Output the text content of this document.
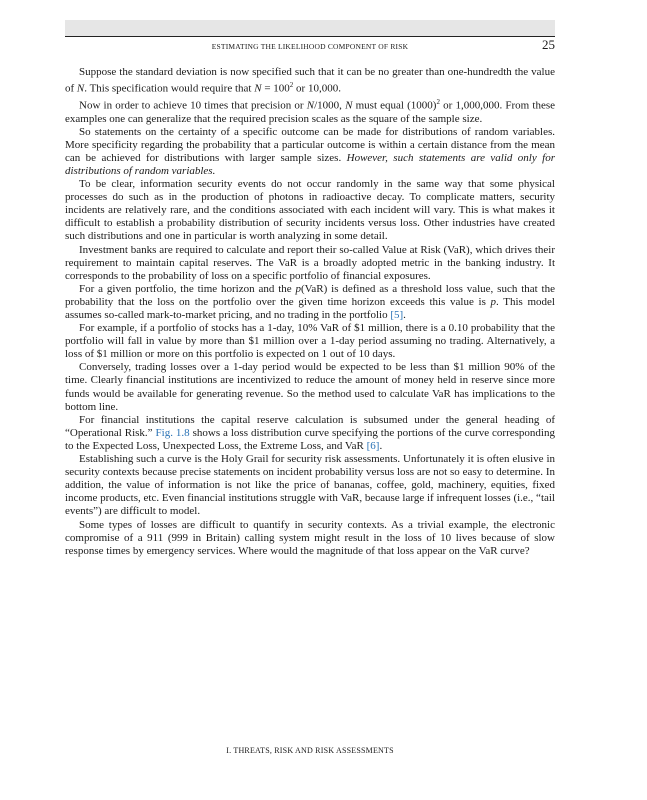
ESTIMATING THE LIKELIHOOD COMPONENT OF RISK	25

Suppose the standard deviation is now specified such that it can be no greater than one-hundredth the value of N. This specification would require that $N = 100^2$ or 10,000.

Now in order to achieve 10 times that precision or N/1000, N must equal $(1000)^2$ or 1,000,000. From these examples one can generalize that the required precision scales as the square of the sample size.

So statements on the certainty of a specific outcome can be made for distributions of random variables. More specificity regarding the probability that a particular outcome is within a certain distance from the mean can be achieved for distributions with larger sample sizes. However, such statements are valid only for distributions of random variables.

To be clear, information security events do not occur randomly in the same way that some physical processes do such as in the production of photons in radioactive decay. To complicate matters, security incidents are relatively rare, and the conditions associated with each incident will vary. This is what makes it difficult to establish a probability distribution of security incidents versus loss. Other industries have created such distributions and one in particular is worth analyzing in some detail.

Investment banks are required to calculate and report their so-called Value at Risk (VaR), which drives their requirement to maintain capital reserves. The VaR is a broadly adopted metric in the banking industry. It corresponds to the probability of loss on a specific portfolio of financial exposures.

For a given portfolio, the time horizon and the p(VaR) is defined as a threshold loss value, such that the probability that the loss on the portfolio over the given time horizon exceeds this value is p. This model assumes so-called mark-to-market pricing, and no trading in the portfolio [5].

For example, if a portfolio of stocks has a 1-day, 10% VaR of $1 million, there is a 0.10 probability that the portfolio will fall in value by more than $1 million over a 1-day period assuming no trading. Alternatively, a loss of $1 million or more on this portfolio is expected on 1 out of 10 days.

Conversely, trading losses over a 1-day period would be expected to be less than $1 million 90% of the time. Clearly financial institutions are incentivized to reduce the amount of money held in reserve since more funds would be available for generating revenue. So the method used to calculate VaR has implications to the bottom line.

For financial institutions the capital reserve calculation is subsumed under the general heading of “Operational Risk.” Fig. 1.8 shows a loss distribution curve specifying the portions of the curve corresponding to the Expected Loss, Unexpected Loss, the Extreme Loss, and VaR [6].

Establishing such a curve is the Holy Grail for security risk assessments. Unfortunately it is often elusive in security contexts because precise statements on incident probability versus loss are not so easy to determine. In addition, the value of information is not like the price of bananas, coffee, gold, machinery, equities, fixed income products, etc. Even financial institutions struggle with VaR, because large if infrequent losses (i.e., “tail events”) are difficult to model.

Some types of losses are difficult to quantify in security contexts. As a trivial example, the electronic compromise of a 911 (999 in Britain) calling system might result in the loss of 10 lives because of slow response times by emergency services. Where would the magnitude of that loss appear on the VaR curve?

I. THREATS, RISK AND RISK ASSESSMENTS
